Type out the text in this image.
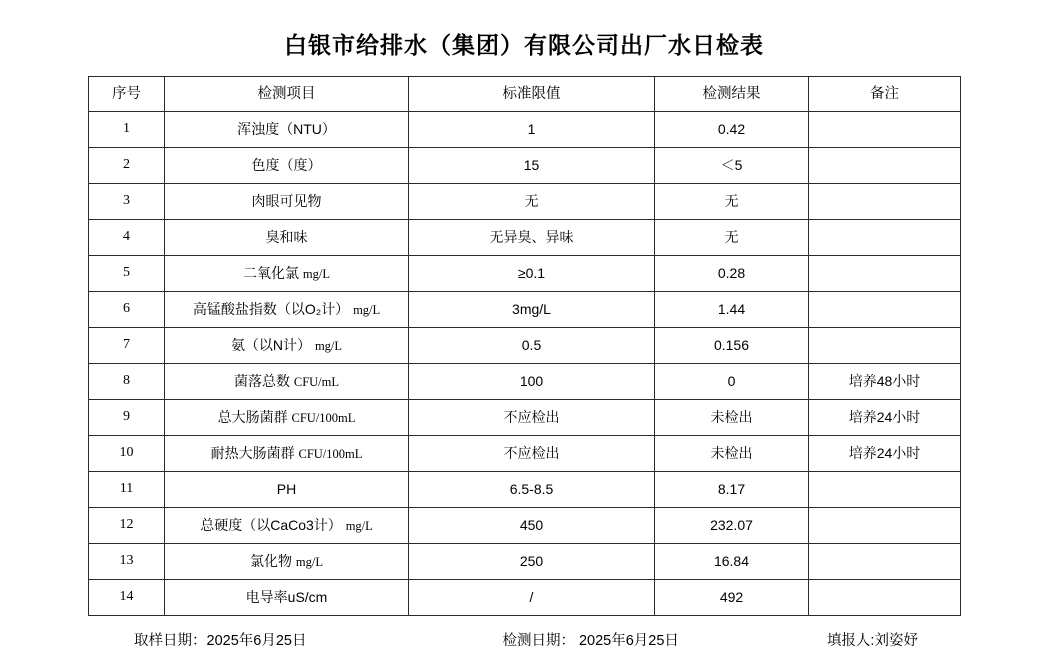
白银市给排水（集团）有限公司出厂水日检表
序号	检测项目	标准限值	检测结果	备注
1	浑浊度（NTU）	1	0.42	
2	色度（度）	15	＜5	
3	肉眼可见物	无	无	
4	臭和味	无异臭、异味	无	
5	二氧化氯 mg/L	≥0.1	0.28	
6	高锰酸盐指数（以O₂计） mg/L	3mg/L	1.44	
7	氨（以N计） mg/L	0.5	0.156	
8	菌落总数 CFU/mL	100	0	培养48小时
9	总大肠菌群 CFU/100mL	不应检出	未检出	培养24小时
10	耐热大肠菌群 CFU/100mL	不应检出	未检出	培养24小时
11	PH	6.5-8.5	8.17	
12	总硬度（以CaCo3计） mg/L	450	232.07	
13	氯化物 mg/L	250	16.84	
14	电导率uS/cm	/	492	
取样日期：2025年6月25日	检测日期： 2025年6月25日	填报人:刘姿妤
